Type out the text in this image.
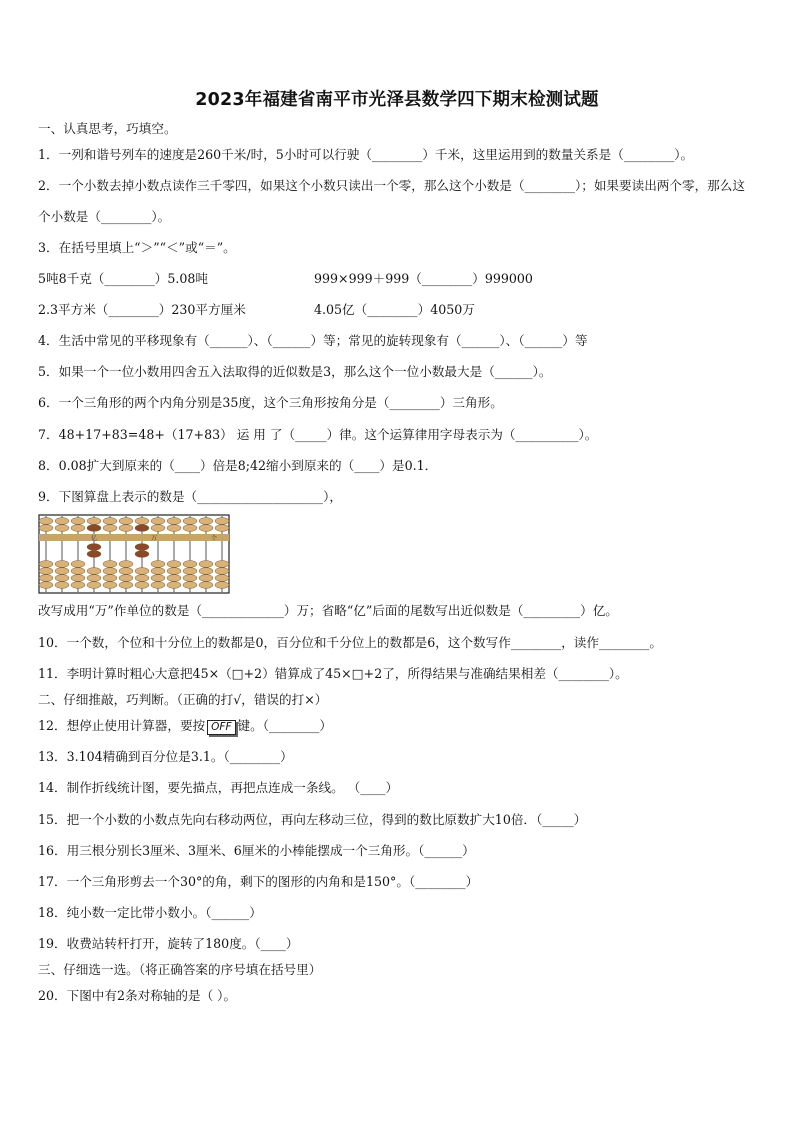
2023年福建省南平市光泽县数学四下期末检测试题
一、认真思考，巧填空。
1．一列和谐号列车的速度是260千米/时，5小时可以行驶（________）千米，这里运用到的数量关系是（________）。
2．一个小数去掉小数点读作三千零四，如果这个小数只读出一个零，那么这个小数是（________）；如果要读出两个零，那么这个小数是（________）。
3．在括号里填上“＞”“＜”或“＝”。
5吨8千克（________）5.08吨	999×999＋999（________）999000
2.3平方米（________）230平方厘米	4.05亿（________）4050万
4．生活中常见的平移现象有（______）、（______）等；常见的旋转现象有（______）、（______）等
5．如果一个一位小数用四舍五入法取得的近似数是3，那么这个一位小数最大是（______）。
6．一个三角形的两个内角分别是35度，这个三角形按角分是（________）三角形。
7．48+17+83=48+（17+83） 运 用 了（_____）律。这个运算律用字母表示为（__________）。
8．0.08扩大到原来的（____）倍是8;42缩小到原来的（____）是0.1．
9．下图算盘上表示的数是（____________________），
亿	万	个
改写成用“万”作单位的数是（_____________）万；省略“亿”后面的尾数写出近似数是（_________）亿。
10．一个数，个位和十分位上的数都是0，百分位和千分位上的数都是6，这个数写作________，读作________。
11．李明计算时粗心大意把45×（□+2）错算成了45×□+2了，所得结果与准确结果相差（________）。
二、仔细推敲，巧判断。（正确的打√，错误的打×）
12．想停止使用计算器，要按 OFF 键。（________）
13．3.104精确到百分位是3.1。（________）
14．制作折线统计图，要先描点，再把点连成一条线。 （____）
15．把一个小数的小数点先向右移动两位，再向左移动三位，得到的数比原数扩大10倍．（_____）
16．用三根分别长3厘米、3厘米、6厘米的小棒能摆成一个三角形。（______）
17．一个三角形剪去一个30°的角，剩下的图形的内角和是150°。（________）
18．纯小数一定比带小数小。（______）
19．收费站转杆打开，旋转了180度。（____）
三、仔细选一选。（将正确答案的序号填在括号里）
20．下图中有2条对称轴的是（ ）。
